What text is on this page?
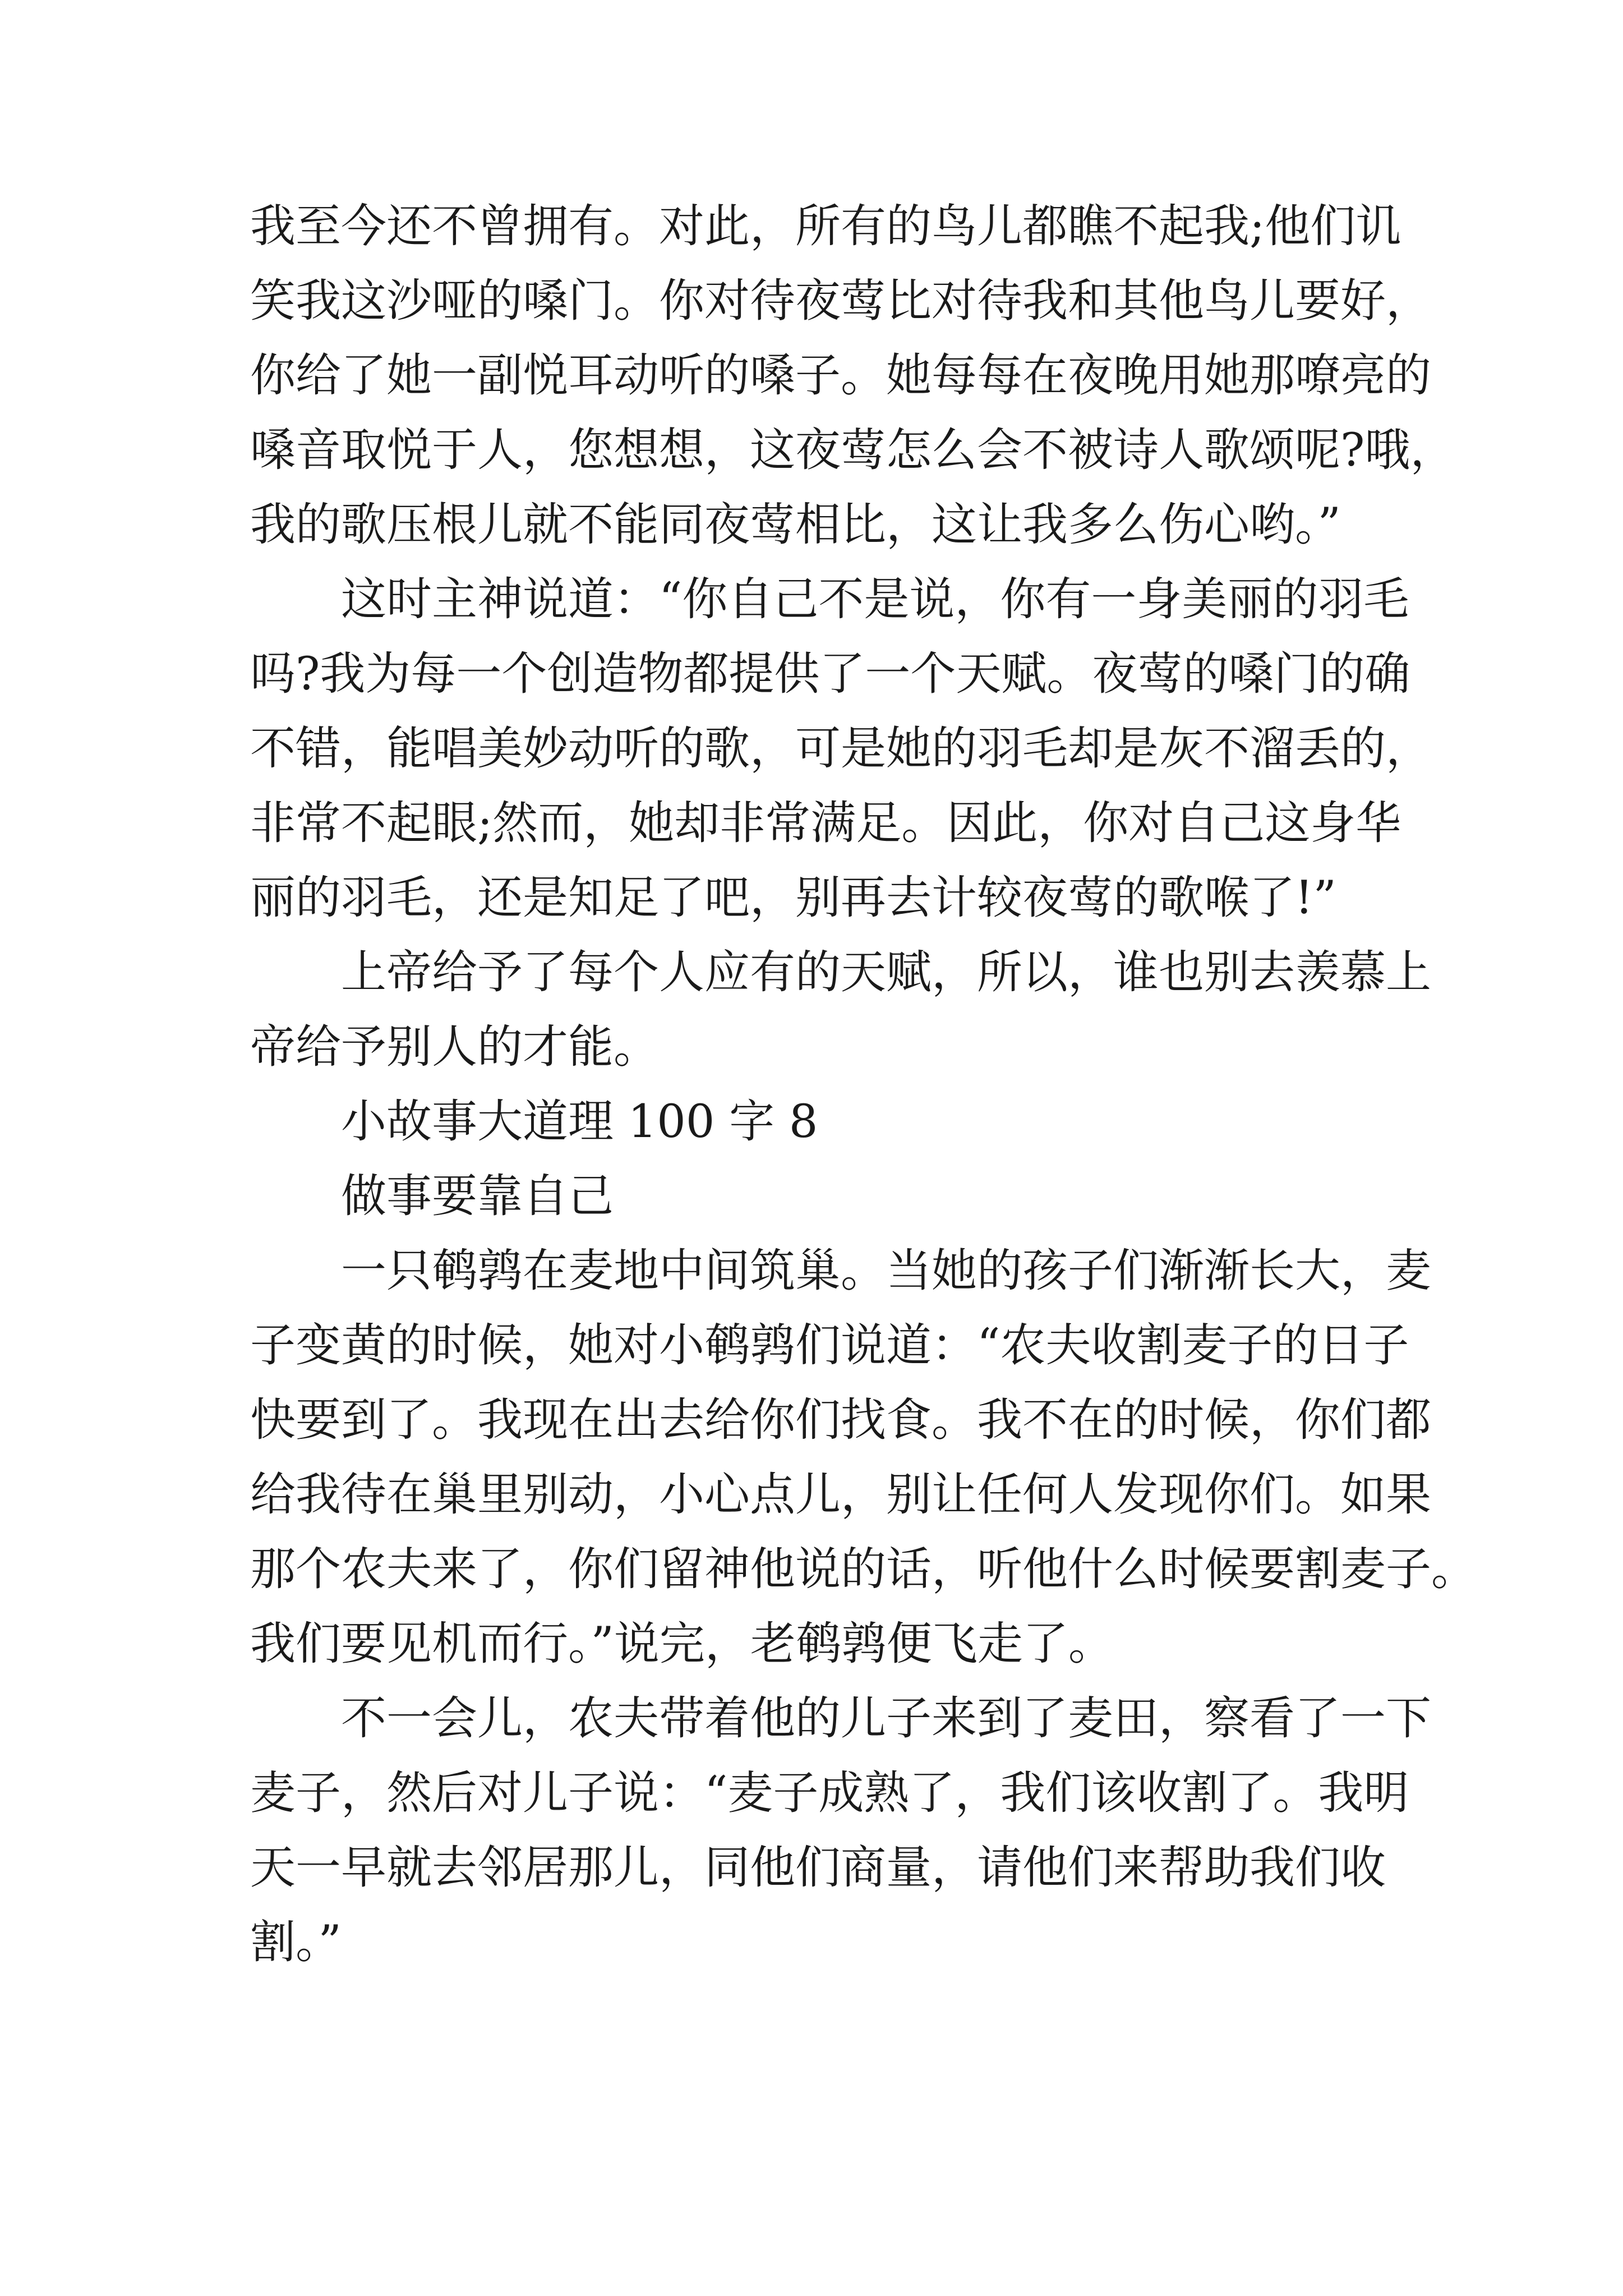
我至今还不曾拥有。对此，所有的鸟儿都瞧不起我;他们讥
笑我这沙哑的嗓门。你对待夜莺比对待我和其他鸟儿要好，
你给了她一副悦耳动听的嗓子。她每每在夜晚用她那嘹亮的
嗓音取悦于人，您想想，这夜莺怎么会不被诗人歌颂呢?哦，
我的歌压根儿就不能同夜莺相比，这让我多么伤心哟。”
这时主神说道：“你自己不是说，你有一身美丽的羽毛
吗?我为每一个创造物都提供了一个天赋。夜莺的嗓门的确
不错，能唱美妙动听的歌，可是她的羽毛却是灰不溜丢的，
非常不起眼;然而，她却非常满足。因此，你对自己这身华
丽的羽毛，还是知足了吧，别再去计较夜莺的歌喉了!”
上帝给予了每个人应有的天赋，所以，谁也别去羡慕上
帝给予别人的才能。
小故事大道理 100 字 8
做事要靠自己
一只鹌鹑在麦地中间筑巢。当她的孩子们渐渐长大，麦
子变黄的时候，她对小鹌鹑们说道：“农夫收割麦子的日子
快要到了。我现在出去给你们找食。我不在的时候，你们都
给我待在巢里别动，小心点儿，别让任何人发现你们。如果
那个农夫来了，你们留神他说的话，听他什么时候要割麦子。
我们要见机而行。”说完，老鹌鹑便飞走了。
不一会儿，农夫带着他的儿子来到了麦田，察看了一下
麦子，然后对儿子说：“麦子成熟了，我们该收割了。我明
天一早就去邻居那儿，同他们商量，请他们来帮助我们收
割。”
